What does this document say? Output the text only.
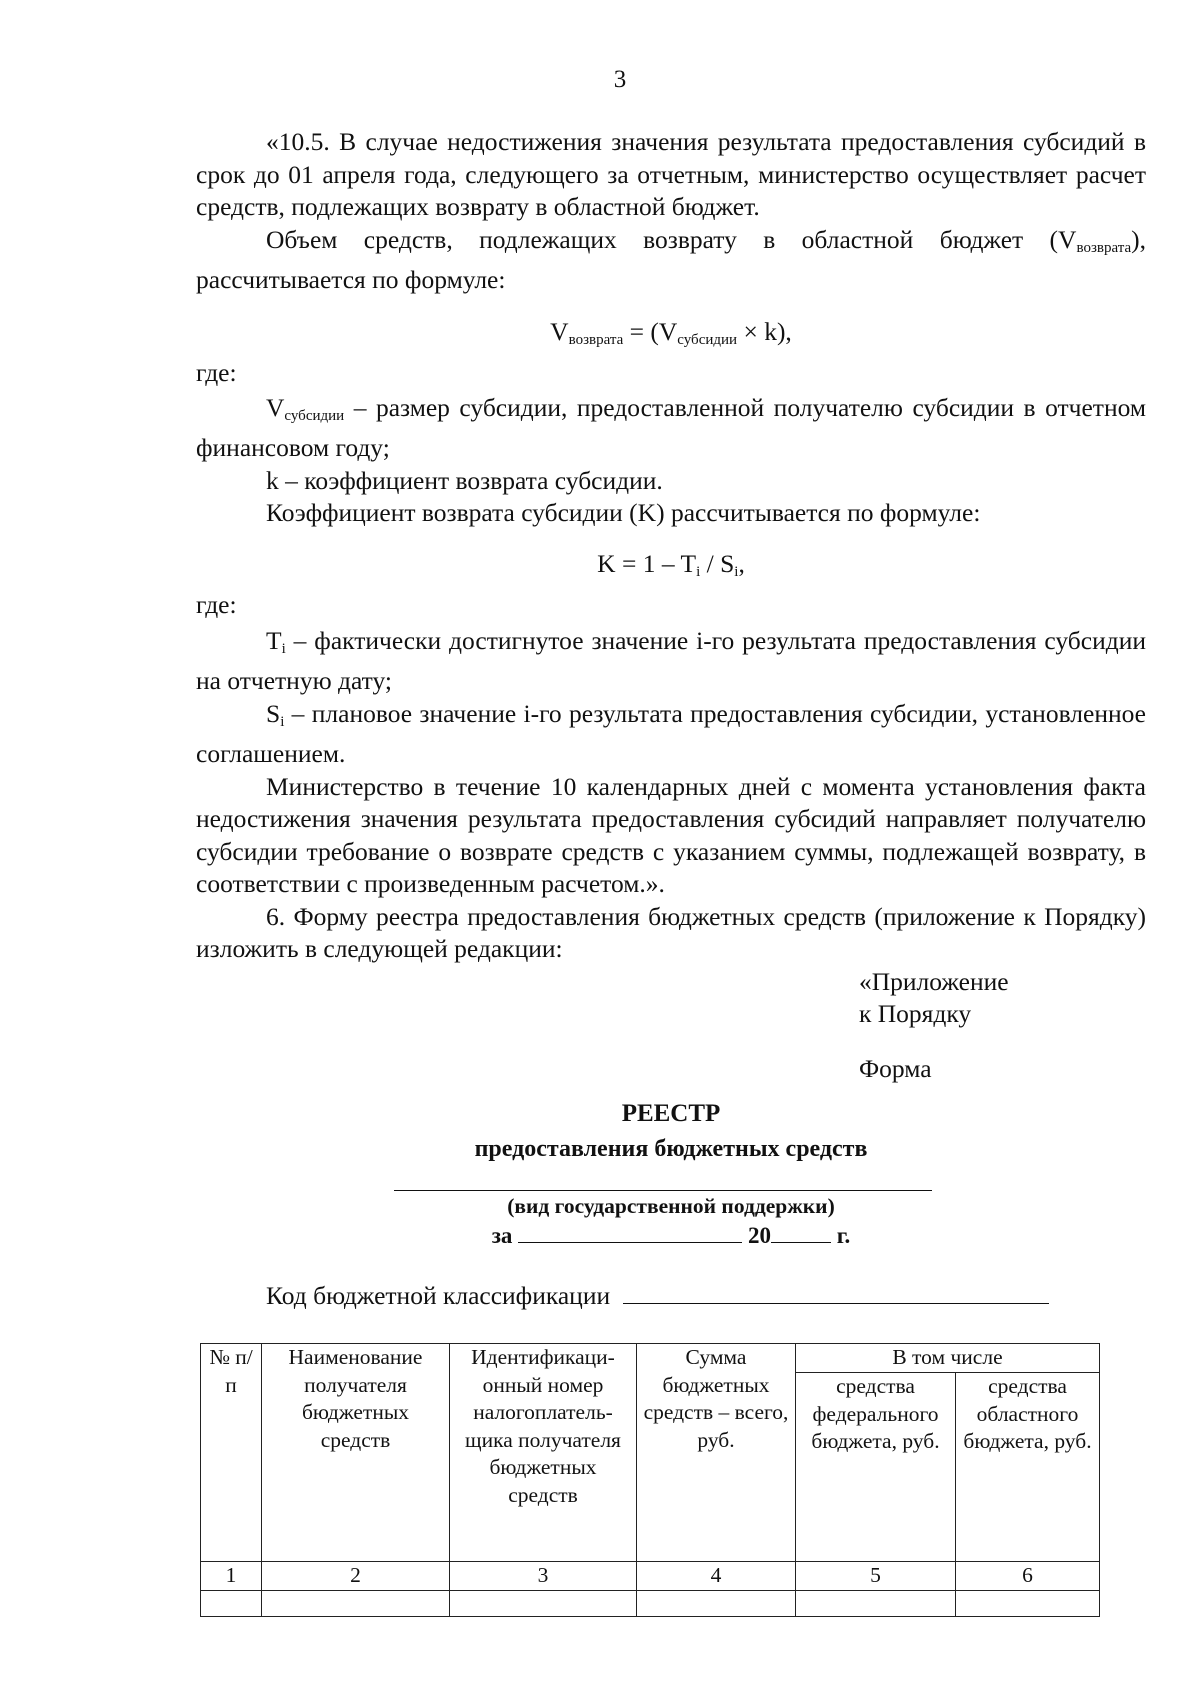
3

«10.5. В случае недостижения значения результата предоставления субсидий в срок до 01 апреля года, следующего за отчетным, министерство осуществляет расчет средств, подлежащих возврату в областной бюджет.

Объем средств, подлежащих возврату в областной бюджет $(V_{возврата})$,

рассчитывается по формуле:

$V_{возврата} = (V_{субсидии} \times k)$,

где:

$V_{субсидии}$ – размер субсидии, предоставленной получателю субсидии в отчетном финансовом году;

k – коэффициент возврата субсидии.

Коэффициент возврата субсидии (K) рассчитывается по формуле:

$K = 1 - T_i / S_i$,

где:

$T_i$ – фактически достигнутое значение i-го результата предоставления субсидии на отчетную дату;

$S_i$ – плановое значение i-го результата предоставления субсидии, установленное соглашением.

Министерство в течение 10 календарных дней с момента установления факта недостижения значения результата предоставления субсидий направляет получателю субсидии требование о возврате средств с указанием суммы, подлежащей возврату, в соответствии с произведенным расчетом.».

6. Форму реестра предоставления бюджетных средств (приложение к Порядку) изложить в следующей редакции:

«Приложение

к Порядку

Форма

РЕЕСТР
предоставления бюджетных средств
(вид государственной поддержки)
за	20	г.
Код бюджетной классификации
№ п/п	Наименование получателя бюджетных средств	Идентификаци-онный номер налогоплатель-щика получателя бюджетных средств	Сумма бюджетных средств – всего, руб.	В том числе	
				средства федерального бюджета, руб.	средства областного бюджета, руб.
1	2	3	4	5	6
